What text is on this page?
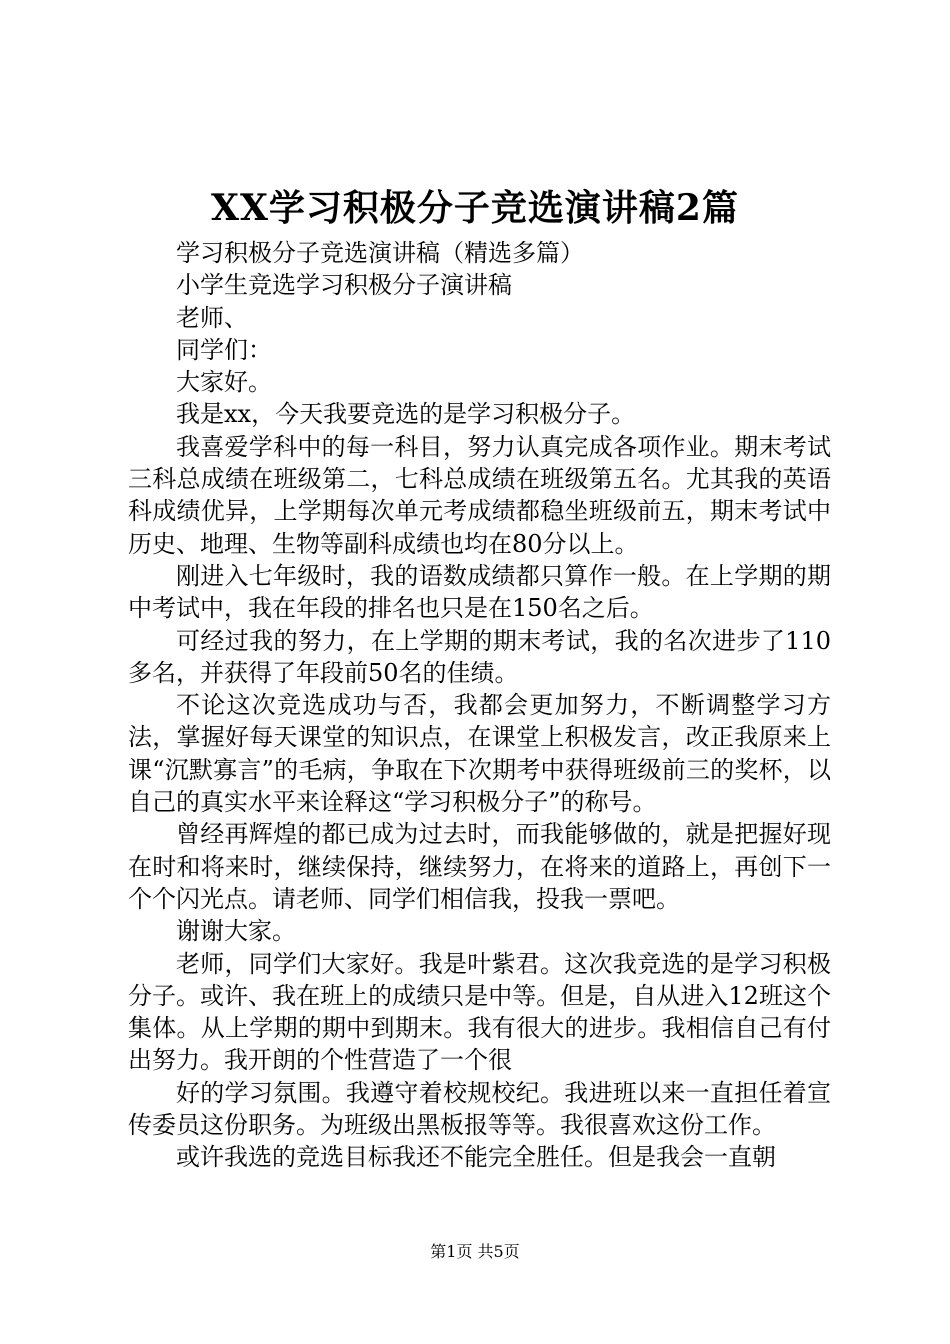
XX学习积极分子竞选演讲稿2篇

学习积极分子竞选演讲稿（精选多篇）

小学生竞选学习积极分子演讲稿

老师、

同学们：

大家好。

我是xx，今天我要竞选的是学习积极分子。

我喜爱学科中的每一科目，努力认真完成各项作业。期末考试三科总成绩在班级第二，七科总成绩在班级第五名。尤其我的英语科成绩优异，上学期每次单元考成绩都稳坐班级前五，期末考试中历史、地理、生物等副科成绩也均在80分以上。

刚进入七年级时，我的语数成绩都只算作一般。在上学期的期中考试中，我在年段的排名也只是在150名之后。

可经过我的努力，在上学期的期末考试，我的名次进步了110多名，并获得了年段前50名的佳绩。

不论这次竞选成功与否，我都会更加努力，不断调整学习方法，掌握好每天课堂的知识点，在课堂上积极发言，改正我原来上课“沉默寡言”的毛病，争取在下次期考中获得班级前三的奖杯，以自己的真实水平来诠释这“学习积极分子”的称号。

曾经再辉煌的都已成为过去时，而我能够做的，就是把握好现在时和将来时，继续保持，继续努力，在将来的道路上，再创下一个个闪光点。请老师、同学们相信我，投我一票吧。

谢谢大家。

老师，同学们大家好。我是叶紫君。这次我竞选的是学习积极分子。或许、我在班上的成绩只是中等。但是，自从进入12班这个集体。从上学期的期中到期末。我有很大的进步。我相信自己有付出努力。我开朗的个性营造了一个很

好的学习氛围。我遵守着校规校纪。我进班以来一直担任着宣传委员这份职务。为班级出黑板报等等。我很喜欢这份工作。

或许我选的竞选目标我还不能完全胜任。但是我会一直朝

第1页 共5页
